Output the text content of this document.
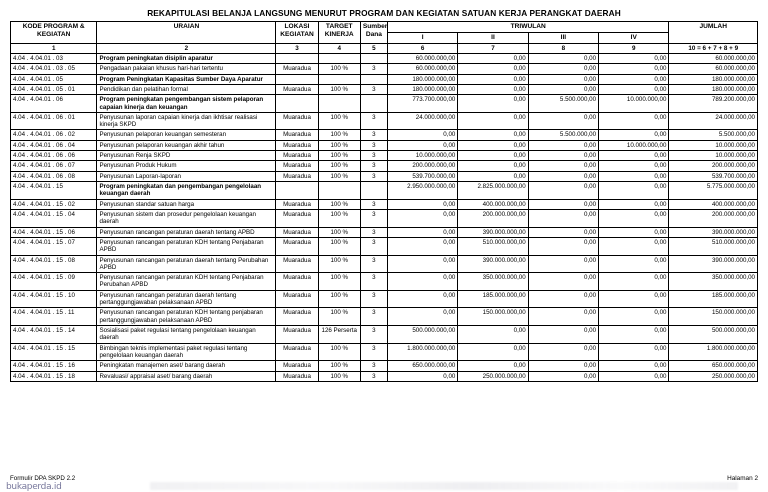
REKAPITULASI BELANJA LANGSUNG MENURUT PROGRAM DAN KEGIATAN SATUAN KERJA PERANGKAT DAERAH
KODE PROGRAM & KEGIATAN	URAIAN	LOKASI KEGIATAN	TARGET KINERJA	Sumber Dana	TRIWULAN				JUMLAH
					I	II	III	IV	
1	2	3	4	5	6	7	8	9	10 = 6 + 7 + 8 + 9
4.04 . 4.04.01 . 03	Program peningkatan disiplin aparatur				60.000.000,00	0,00	0,00	0,00	60.000.000,00
4.04 . 4.04.01 . 03 . 05	Pengadaan pakaian khusus hari-hari tertentu	Muaradua	100 %	3	60.000.000,00	0,00	0,00	0,00	60.000.000,00
4.04 . 4.04.01 . 05	Program Peningkatan Kapasitas Sumber Daya Aparatur				180.000.000,00	0,00	0,00	0,00	180.000.000,00
4.04 . 4.04.01 . 05 . 01	Pendidikan dan pelatihan formal	Muaradua	100 %	3	180.000.000,00	0,00	0,00	0,00	180.000.000,00
4.04 . 4.04.01 . 06	Program peningkatan pengembangan sistem pelaporan capaian kinerja dan keuangan				773.700.000,00	0,00	5.500.000,00	10.000.000,00	789.200.000,00
4.04 . 4.04.01 . 06 . 01	Penyusunan laporan capaian kinerja dan ikhtisar realisasi kinerja SKPD	Muaradua	100 %	3	24.000.000,00	0,00	0,00	0,00	24.000.000,00
4.04 . 4.04.01 . 06 . 02	Penyusunan pelaporan keuangan semesteran	Muaradua	100 %	3	0,00	0,00	5.500.000,00	0,00	5.500.000,00
4.04 . 4.04.01 . 06 . 04	Penyusunan pelaporan keuangan akhir tahun	Muaradua	100 %	3	0,00	0,00	0,00	10.000.000,00	10.000.000,00
4.04 . 4.04.01 . 06 . 06	Penyusunan Renja SKPD	Muaradua	100 %	3	10.000.000,00	0,00	0,00	0,00	10.000.000,00
4.04 . 4.04.01 . 06 . 07	Penyusunan Produk Hukum	Muaradua	100 %	3	200.000.000,00	0,00	0,00	0,00	200.000.000,00
4.04 . 4.04.01 . 06 . 08	Penyusunan Laporan-laporan	Muaradua	100 %	3	539.700.000,00	0,00	0,00	0,00	539.700.000,00
4.04 . 4.04.01 . 15	Program peningkatan dan pengembangan pengelolaan keuangan daerah				2.950.000.000,00	2.825.000.000,00	0,00	0,00	5.775.000.000,00
4.04 . 4.04.01 . 15 . 02	Penyusunan standar satuan harga	Muaradua	100 %	3	0,00	400.000.000,00	0,00	0,00	400.000.000,00
4.04 . 4.04.01 . 15 . 04	Penyusunan sistem dan prosedur pengelolaan keuangan daerah	Muaradua	100 %	3	0,00	200.000.000,00	0,00	0,00	200.000.000,00
4.04 . 4.04.01 . 15 . 06	Penyusunan rancangan peraturan daerah tentang APBD	Muaradua	100 %	3	0,00	390.000.000,00	0,00	0,00	390.000.000,00
4.04 . 4.04.01 . 15 . 07	Penyusunan rancangan peraturan KDH tentang Penjabaran APBD	Muaradua	100 %	3	0,00	510.000.000,00	0,00	0,00	510.000.000,00
4.04 . 4.04.01 . 15 . 08	Penyusunan rancangan peraturan daerah tentang Perubahan APBD	Muaradua	100 %	3	0,00	390.000.000,00	0,00	0,00	390.000.000,00
4.04 . 4.04.01 . 15 . 09	Penyusunan rancangan peraturan KDH tentang Penjabaran Perubahan APBD	Muaradua	100 %	3	0,00	350.000.000,00	0,00	0,00	350.000.000,00
4.04 . 4.04.01 . 15 . 10	Penyusunan rancangan peraturan daerah tentang pertanggungjawaban pelaksanaan APBD	Muaradua	100 %	3	0,00	185.000.000,00	0,00	0,00	185.000.000,00
4.04 . 4.04.01 . 15 . 11	Penyusunan rancangan peraturan KDH tentang penjabaran pertanggungjawaban pelaksanaan APBD	Muaradua	100 %	3	0,00	150.000.000,00	0,00	0,00	150.000.000,00
4.04 . 4.04.01 . 15 . 14	Sosialisasi paket regulasi tentang pengelolaan keuangan daerah	Muaradua	126 Perserta	3	500.000.000,00	0,00	0,00	0,00	500.000.000,00
4.04 . 4.04.01 . 15 . 15	Bimbingan teknis implementasi paket regulasi tentang pengelolaan keuangan daerah	Muaradua	100 %	3	1.800.000.000,00	0,00	0,00	0,00	1.800.000.000,00
4.04 . 4.04.01 . 15 . 16	Peningkatan manajemen aset/ barang daerah	Muaradua	100 %	3	650.000.000,00	0,00	0,00	0,00	650.000.000,00
4.04 . 4.04.01 . 15 . 18	Revaluasi/ appraisal aset/ barang daerah	Muaradua	100 %	3	0,00	250.000.000,00	0,00	0,00	250.000.000,00
Formulir DPA SKPD 2.2	Halaman 2
bukaperda.id
